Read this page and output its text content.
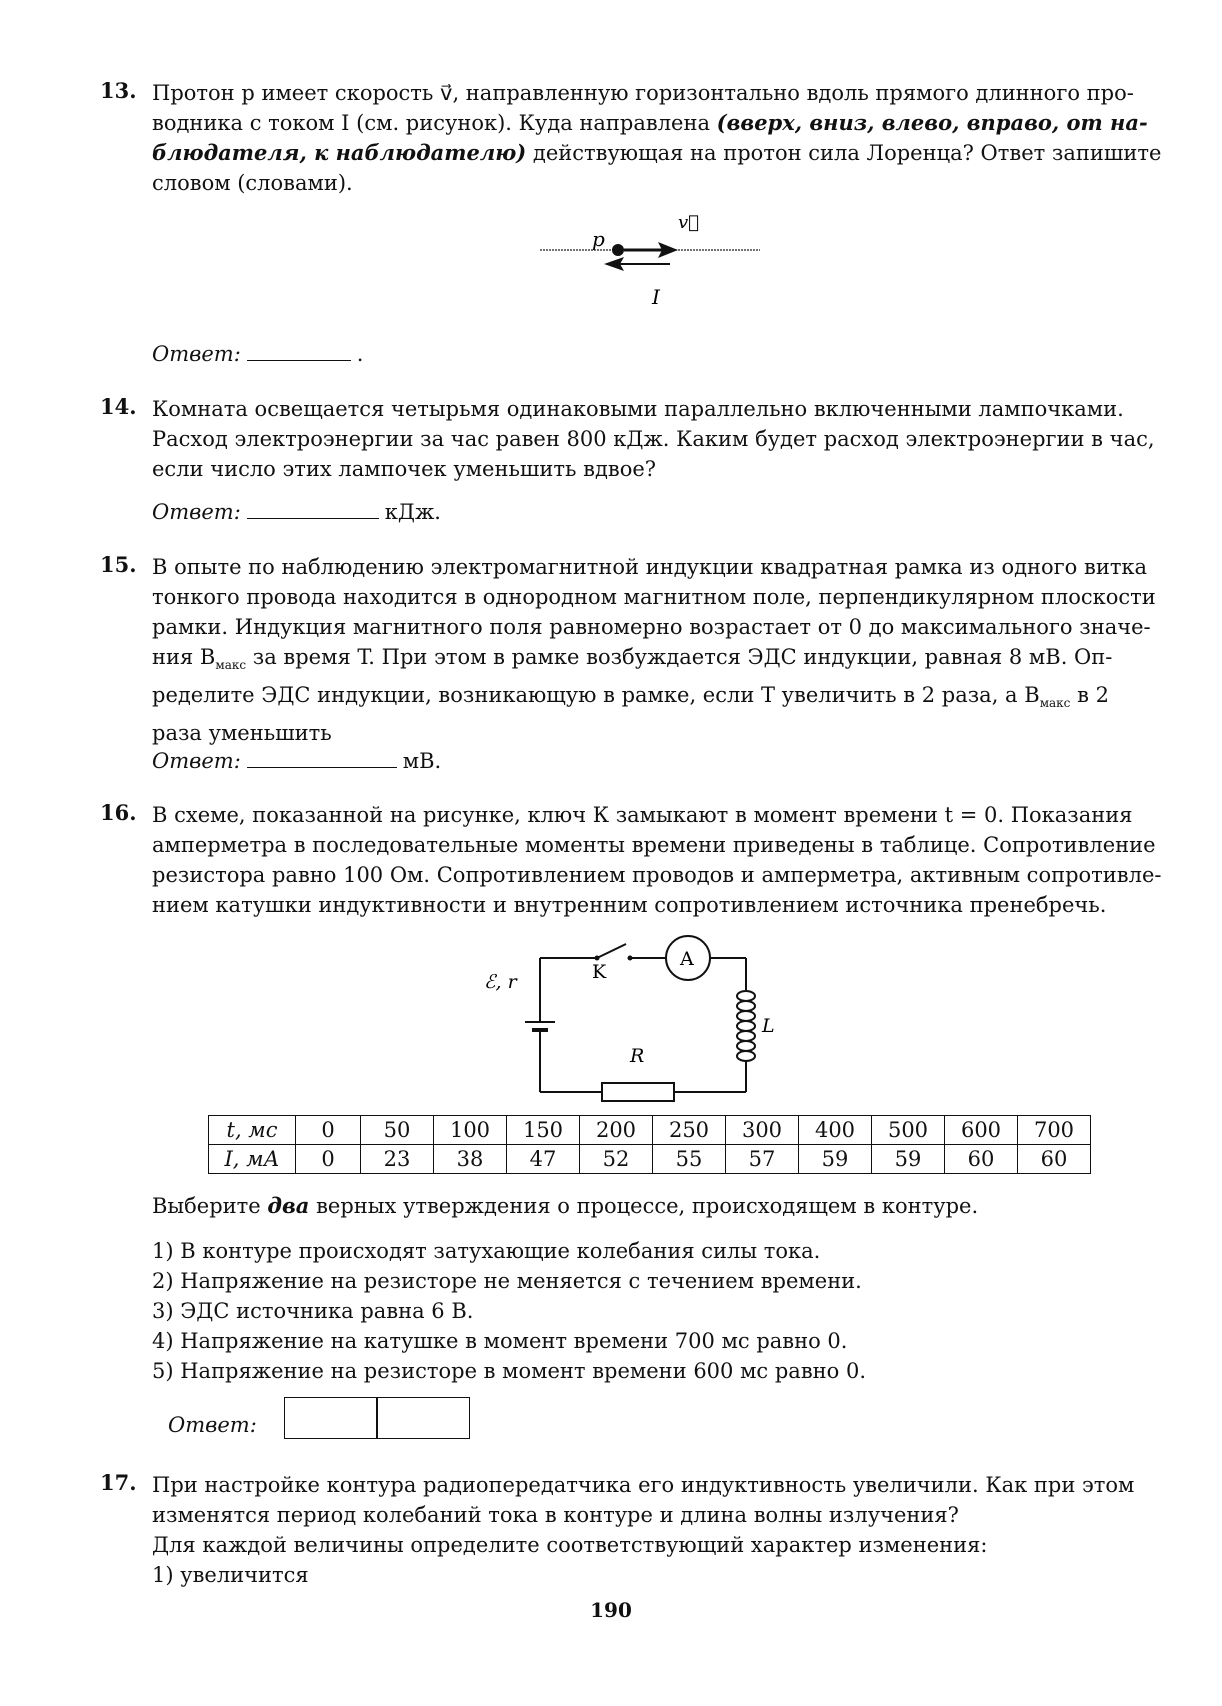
13. Протон p имеет скорость v⃗, направленную горизонтально вдоль прямого длинного про-

водника с током I (см. рисунок). Куда направлена (вверх, вниз, влево, вправо, от на-

блюдателя, к наблюдателю) действующая на протон сила Лоренца? Ответ запишите

словом (словами).

p
v⃗
I
Ответ:	.
14. Комната освещается четырьмя одинаковыми параллельно включенными лампочками.

Расход электроэнергии за час равен 800 кДж. Каким будет расход электроэнергии в час,

если число этих лампочек уменьшить вдвое?

Ответ:	кДж.
15. В опыте по наблюдению электромагнитной индукции квадратная рамка из одного витка

тонкого провода находится в однородном магнитном поле, перпендикулярном плоскости

рамки. Индукция магнитного поля равномерно возрастает от 0 до максимального значе-

ния $B_{макс}$ за время T. При этом в рамке возбуждается ЭДС индукции, равная 8 мВ. Оп-

ределите ЭДС индукции, возникающую в рамке, если T увеличить в 2 раза, а $B_{макс}$ в 2

раза уменьшить

Ответ:	мВ.
16. В схеме, показанной на рисунке, ключ К замыкают в момент времени t = 0. Показания

амперметра в последовательные моменты времени приведены в таблице. Сопротивление

резистора равно 100 Ом. Сопротивлением проводов и амперметра, активным сопротивле-

нием катушки индуктивности и внутренним сопротивлением источника пренебречь.

ℰ, r	K
A
L
R
t, мс	0	50	100	150	200	250	300	400	500	600	700
I, мА	0	23	38	47	52	55	57	59	59	60	60
Выберите два верных утверждения о процессе, происходящем в контуре.
1) В контуре происходят затухающие колебания силы тока.
2) Напряжение на резисторе не меняется с течением времени.
3) ЭДС источника равна 6 В.
4) Напряжение на катушке в момент времени 700 мс равно 0.
5) Напряжение на резисторе в момент времени 600 мс равно 0.
Ответ:
17. При настройке контура радиопередатчика его индуктивность увеличили. Как при этом

изменятся период колебаний тока в контуре и длина волны излучения?

Для каждой величины определите соответствующий характер изменения:

1) увеличится

190
